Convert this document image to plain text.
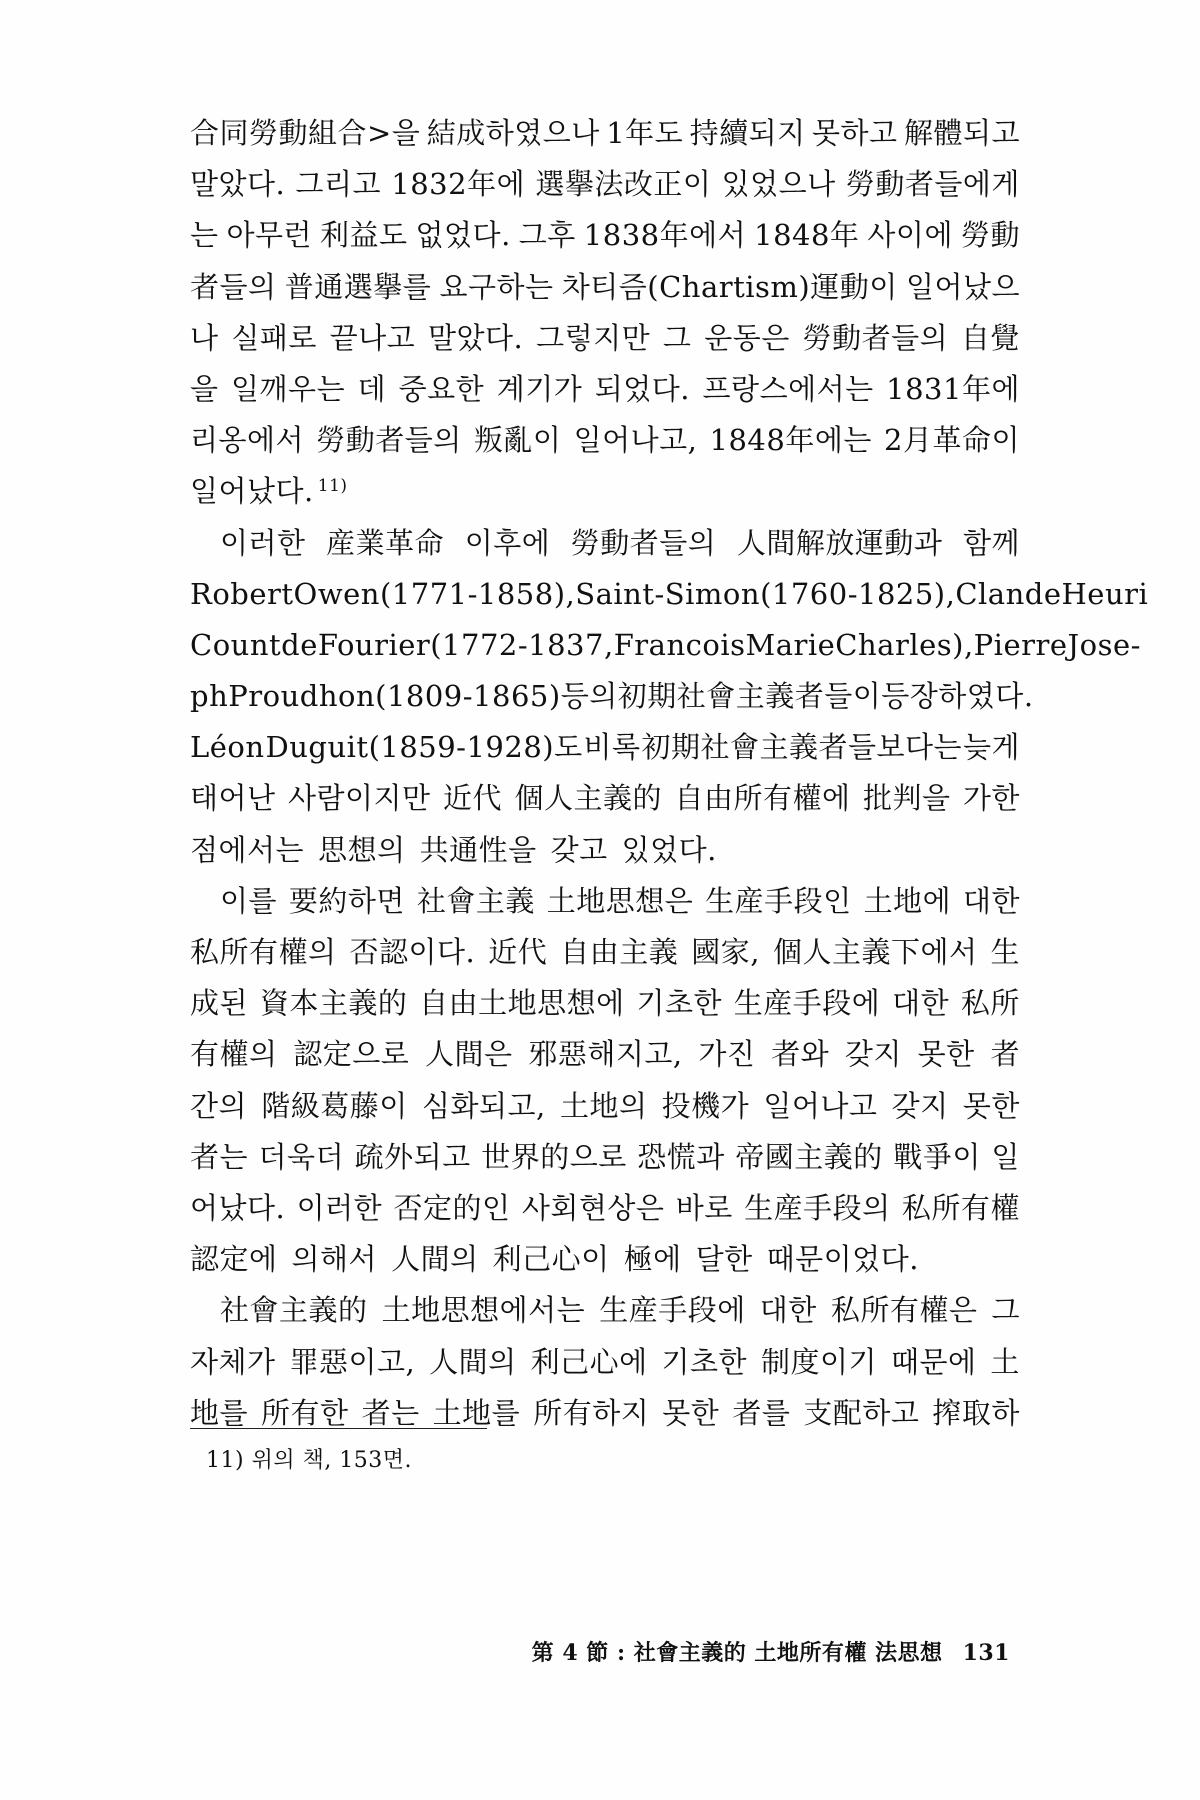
合同勞動組合>을 結成하였으나 1年도 持續되지 못하고 解體되고
말았다. 그리고 1832年에 選擧法改正이 있었으나 勞動者들에게
는 아무런 利益도 없었다. 그후 1838年에서 1848年 사이에 勞動
者들의 普通選擧를 요구하는 차티즘(Chartism)運動이 일어났으
나 실패로 끝나고 말았다. 그렇지만 그 운동은 勞動者들의 自覺
을 일깨우는 데 중요한 계기가 되었다. 프랑스에서는 1831年에
리옹에서 勞動者들의 叛亂이 일어나고, 1848年에는 2月革命이
일어났다. $^{11)}$
이러한 産業革命 이후에 勞動者들의 人間解放運動과 함께
Robert Owen(1771-1858), Saint-Simon(1760-1825), Clande Heuri
Count de Fourier(1772-1837, Francois Marie Charles), Pierre Jose-
ph Proudhon(1809-1865) 등의 初期社會主義者들이 등장하였다.
Léon Duguit(1859-1928)도 비록 初期社會主義者들보다는 늦게
태어난 사람이지만 近代 個人主義的 自由所有權에 批判을 가한
점에서는 思想의 共通性을 갖고 있었다.
이를 要約하면 社會主義 土地思想은 生産手段인 土地에 대한
私所有權의 否認이다. 近代 自由主義 國家, 個人主義下에서 生
成된 資本主義的 自由土地思想에 기초한 生産手段에 대한 私所
有權의 認定으로 人間은 邪惡해지고, 가진 者와 갖지 못한 者
간의 階級葛藤이 심화되고, 土地의 投機가 일어나고 갖지 못한
者는 더욱더 疏外되고 世界的으로 恐慌과 帝國主義的 戰爭이 일
어났다. 이러한 否定的인 사회현상은 바로 生産手段의 私所有權
認定에 의해서 人間의 利己心이 極에 달한 때문이었다.
社會主義的 土地思想에서는 生産手段에 대한 私所有權은 그
자체가 罪惡이고, 人間의 利己心에 기초한 制度이기 때문에 土
地를 所有한 者는 土地를 所有하지 못한 者를 支配하고 搾取하
11) 위의 책, 153면.
第 4 節 : 社會主義的 土地所有權 法思想 131
